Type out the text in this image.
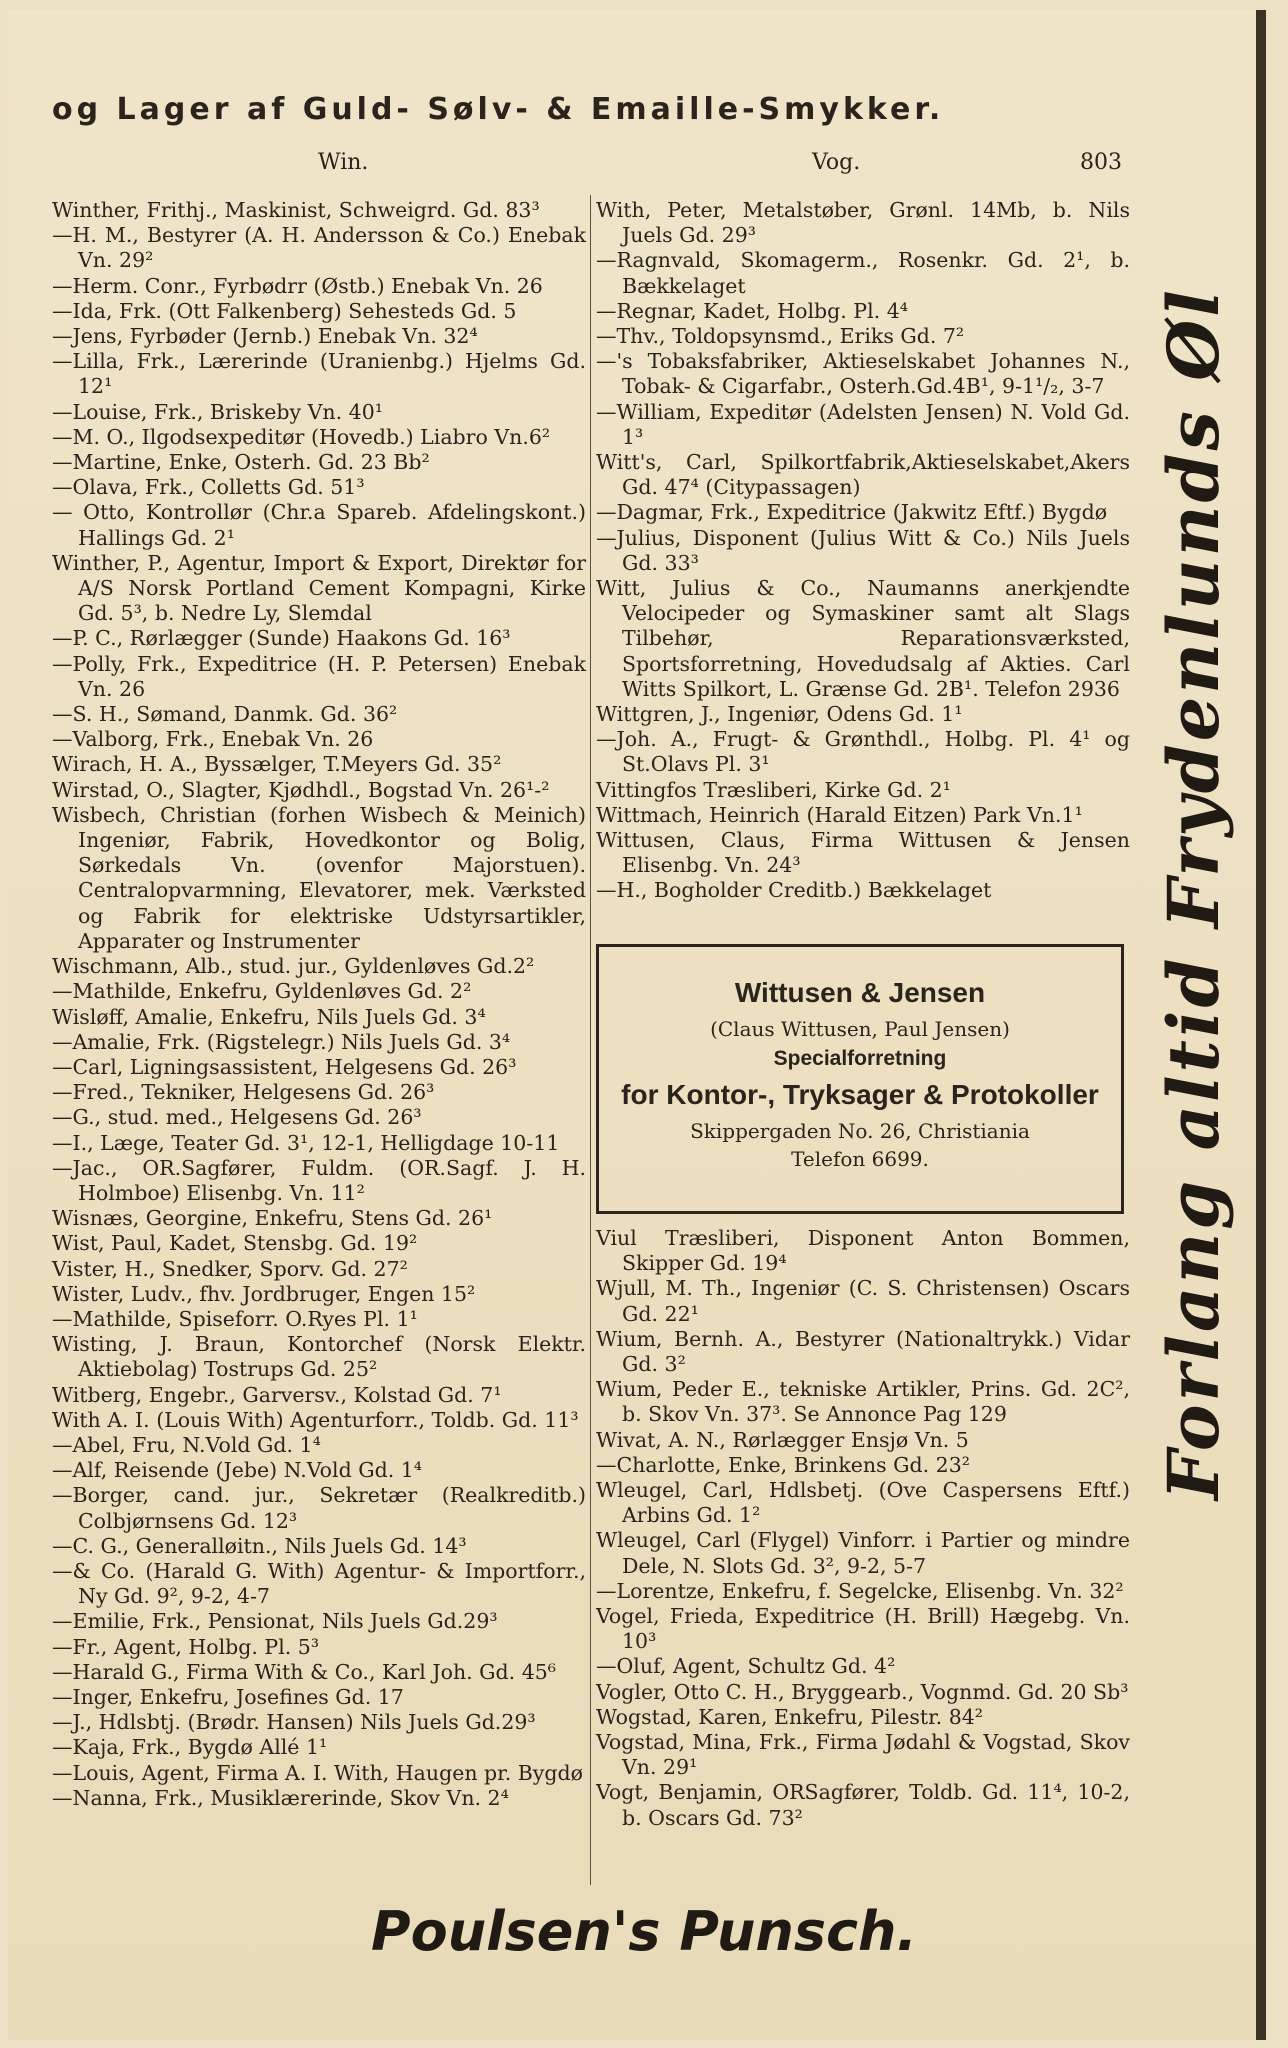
og Lager af Guld- Sølv- & Emaille-Smykker.
Win.	Vog.	803

Winther, Frithj., Maskinist, Schweigrd. Gd. 83³

—H. M., Bestyrer (A. H. Andersson & Co.) Enebak Vn. 29²

—Herm. Conr., Fyrbødrr (Østb.) Enebak Vn. 26

—Ida, Frk. (Ott Falkenberg) Sehesteds Gd. 5

—Jens, Fyrbøder (Jernb.) Enebak Vn. 32⁴

—Lilla, Frk., Lærerinde (Uranienbg.) Hjelms Gd. 12¹

—Louise, Frk., Briskeby Vn. 40¹

—M. O., Ilgodsexpeditør (Hovedb.) Liabro Vn.6²

—Martine, Enke, Osterh. Gd. 23 Bb²

—Olava, Frk., Colletts Gd. 51³

— Otto, Kontrollør (Chr.a Spareb. Afdelingskont.) Hallings Gd. 2¹

Winther, P., Agentur, Import & Export, Direktør for A/S Norsk Portland Cement Kompagni, Kirke Gd. 5³, b. Nedre Ly, Slemdal

—P. C., Rørlægger (Sunde) Haakons Gd. 16³

—Polly, Frk., Expeditrice (H. P. Petersen) Enebak Vn. 26

—S. H., Sømand, Danmk. Gd. 36²

—Valborg, Frk., Enebak Vn. 26

Wirach, H. A., Byssælger, T.Meyers Gd. 35²

Wirstad, O., Slagter, Kjødhdl., Bogstad Vn. 26¹-²

Wisbech, Christian (forhen Wisbech & Meinich) Ingeniør, Fabrik, Hovedkontor og Bolig, Sørkedals Vn. (ovenfor Majorstuen). Centralopvarmning, Elevatorer, mek. Værksted og Fabrik for elektriske Udstyrsartikler, Apparater og Instrumenter

Wischmann, Alb., stud. jur., Gyldenløves Gd.2²

—Mathilde, Enkefru, Gyldenløves Gd. 2²

Wisløff, Amalie, Enkefru, Nils Juels Gd. 3⁴

—Amalie, Frk. (Rigstelegr.) Nils Juels Gd. 3⁴

—Carl, Ligningsassistent, Helgesens Gd. 26³

—Fred., Tekniker, Helgesens Gd. 26³

—G., stud. med., Helgesens Gd. 26³

—I., Læge, Teater Gd. 3¹, 12-1, Helligdage 10-11

—Jac., OR.Sagfører, Fuldm. (OR.Sagf. J. H. Holmboe) Elisenbg. Vn. 11²

Wisnæs, Georgine, Enkefru, Stens Gd. 26¹

Wist, Paul, Kadet, Stensbg. Gd. 19²

Vister, H., Snedker, Sporv. Gd. 27²

Wister, Ludv., fhv. Jordbruger, Engen 15²

—Mathilde, Spiseforr. O.Ryes Pl. 1¹

Wisting, J. Braun, Kontorchef (Norsk Elektr. Aktiebolag) Tostrups Gd. 25²

Witberg, Engebr., Garversv., Kolstad Gd. 7¹

With A. I. (Louis With) Agenturforr., Toldb. Gd. 11³

—Abel, Fru, N.Vold Gd. 1⁴

—Alf, Reisende (Jebe) N.Vold Gd. 1⁴

—Borger, cand. jur., Sekretær (Realkreditb.) Colbjørnsens Gd. 12³

—C. G., Generalløitn., Nils Juels Gd. 14³

—& Co. (Harald G. With) Agentur- & Importforr., Ny Gd. 9², 9-2, 4-7

—Emilie, Frk., Pensionat, Nils Juels Gd.29³

—Fr., Agent, Holbg. Pl. 5³

—Harald G., Firma With & Co., Karl Joh. Gd. 45⁶

—Inger, Enkefru, Josefines Gd. 17

—J., Hdlsbtj. (Brødr. Hansen) Nils Juels Gd.29³

—Kaja, Frk., Bygdø Allé 1¹

—Louis, Agent, Firma A. I. With, Haugen pr. Bygdø

—Nanna, Frk., Musiklærerinde, Skov Vn. 2⁴

With, Peter, Metalstøber, Grønl. 14Mb, b. Nils Juels Gd. 29³

—Ragnvald, Skomagerm., Rosenkr. Gd. 2¹, b. Bækkelaget

—Regnar, Kadet, Holbg. Pl. 4⁴

—Thv., Toldopsynsmd., Eriks Gd. 7²

—'s Tobaksfabriker, Aktieselskabet Johannes N., Tobak- & Cigarfabr., Osterh.Gd.4B¹, 9-1¹/₂, 3-7

—William, Expeditør (Adelsten Jensen) N. Vold Gd. 1³

Witt's, Carl, Spilkortfabrik,Aktieselskabet,Akers Gd. 47⁴ (Citypassagen)

—Dagmar, Frk., Expeditrice (Jakwitz Eftf.) Bygdø

—Julius, Disponent (Julius Witt & Co.) Nils Juels Gd. 33³

Witt, Julius & Co., Naumanns anerkjendte Velocipeder og Symaskiner samt alt Slags Tilbehør, Reparationsværksted, Sportsforretning, Hovedudsalg af Akties. Carl Witts Spilkort, L. Grænse Gd. 2B¹. Telefon 2936

Wittgren, J., Ingeniør, Odens Gd. 1¹

—Joh. A., Frugt- & Grønthdl., Holbg. Pl. 4¹ og St.Olavs Pl. 3¹

Vittingfos Træsliberi, Kirke Gd. 2¹

Wittmach, Heinrich (Harald Eitzen) Park Vn.1¹

Wittusen, Claus, Firma Wittusen & Jensen Elisenbg. Vn. 24³

—H., Bogholder Creditb.) Bækkelaget

Wittusen & Jensen
(Claus Wittusen, Paul Jensen)
Specialforretning
for Kontor-, Tryksager & Protokoller
Skippergaden No. 26, Christiania
Telefon 6699.

Viul Træsliberi, Disponent Anton Bommen, Skipper Gd. 19⁴

Wjull, M. Th., Ingeniør (C. S. Christensen) Oscars Gd. 22¹

Wium, Bernh. A., Bestyrer (Nationaltrykk.) Vidar Gd. 3²

Wium, Peder E., tekniske Artikler, Prins. Gd. 2C², b. Skov Vn. 37³. Se Annonce Pag 129

Wivat, A. N., Rørlægger Ensjø Vn. 5

—Charlotte, Enke, Brinkens Gd. 23²

Wleugel, Carl, Hdlsbetj. (Ove Caspersens Eftf.) Arbins Gd. 1²

Wleugel, Carl (Flygel) Vinforr. i Partier og mindre Dele, N. Slots Gd. 3², 9-2, 5-7

—Lorentze, Enkefru, f. Segelcke, Elisenbg. Vn. 32²

Vogel, Frieda, Expeditrice (H. Brill) Hægebg. Vn. 10³

—Oluf, Agent, Schultz Gd. 4²

Vogler, Otto C. H., Bryggearb., Vognmd. Gd. 20 Sb³

Wogstad, Karen, Enkefru, Pilestr. 84²

Vogstad, Mina, Frk., Firma Jødahl & Vogstad, Skov Vn. 29¹

Vogt, Benjamin, ORSagfører, Toldb. Gd. 11⁴, 10-2, b. Oscars Gd. 73²

Forlang altid Frydenlunds Øl
Poulsen's Punsch.
